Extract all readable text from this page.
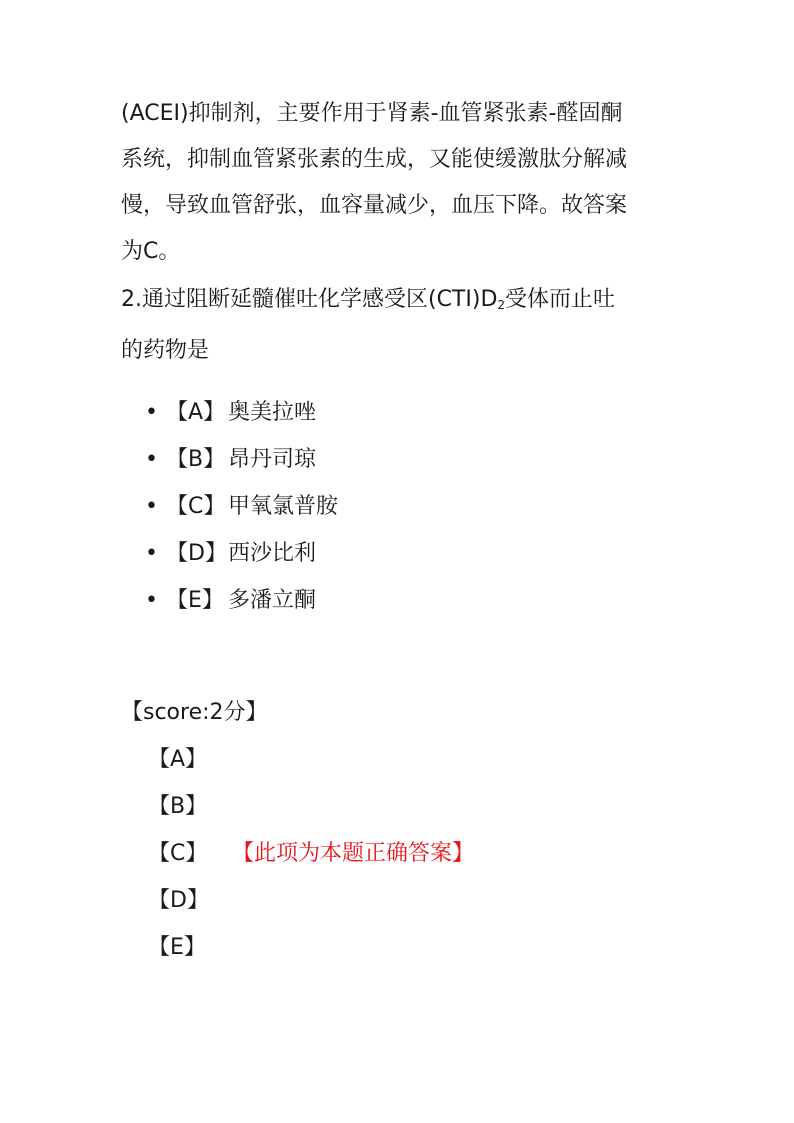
(ACEI)抑制剂，主要作用于肾素-血管紧张素-醛固酮
系统，抑制血管紧张素的生成，又能使缓激肽分解减
慢，导致血管舒张，血容量减少，血压下降。故答案
为C。

2.通过阻断延髓催吐化学感受区$(CTI)D_2$受体而止吐
的药物是

• 【A】 奥美拉唑
• 【B】 昂丹司琼
• 【C】 甲氧氯普胺
• 【D】 西沙比利
• 【E】 多潘立酮
【score:2分】
【A】
【B】
【C】 【此项为本题正确答案】
【D】
【E】
